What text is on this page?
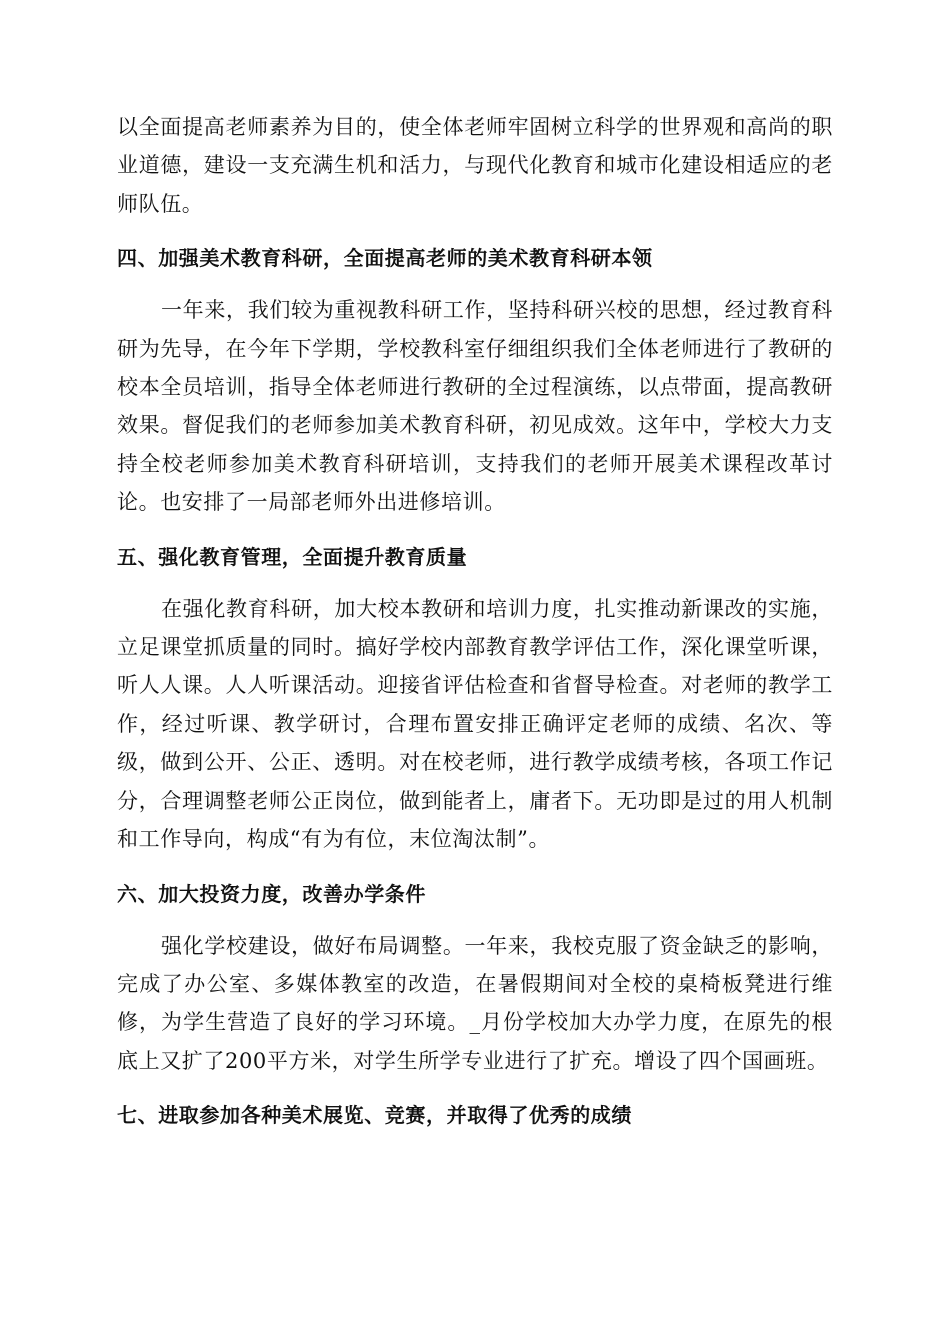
以全面提高老师素养为目的，使全体老师牢固树立科学的世界观和高尚的职业道德，建设一支充满生机和活力，与现代化教育和城市化建设相适应的老师队伍。

四、加强美术教育科研，全面提高老师的美术教育科研本领

一年来，我们较为重视教科研工作，坚持科研兴校的思想，经过教育科研为先导，在今年下学期，学校教科室仔细组织我们全体老师进行了教研的校本全员培训，指导全体老师进行教研的全过程演练，以点带面，提高教研效果。督促我们的老师参加美术教育科研，初见成效。这年中，学校大力支持全校老师参加美术教育科研培训，支持我们的老师开展美术课程改革讨论。也安排了一局部老师外出进修培训。

五、强化教育管理，全面提升教育质量

在强化教育科研，加大校本教研和培训力度，扎实推动新课改的实施，立足课堂抓质量的同时。搞好学校内部教育教学评估工作，深化课堂听课，听人人课。人人听课活动。迎接省评估检查和省督导检查。对老师的教学工作，经过听课、教学研讨，合理布置安排正确评定老师的成绩、名次、等级，做到公开、公正、透明。对在校老师，进行教学成绩考核，各项工作记分，合理调整老师公正岗位，做到能者上，庸者下。无功即是过的用人机制和工作导向，构成“有为有位，末位淘汰制”。

六、加大投资力度，改善办学条件

强化学校建设，做好布局调整。一年来，我校克服了资金缺乏的影响，完成了办公室、多媒体教室的改造，在暑假期间对全校的桌椅板凳进行维修，为学生营造了良好的学习环境。_月份学校加大办学力度，在原先的根底上又扩了200平方米，对学生所学专业进行了扩充。增设了四个国画班。

七、进取参加各种美术展览、竞赛，并取得了优秀的成绩
